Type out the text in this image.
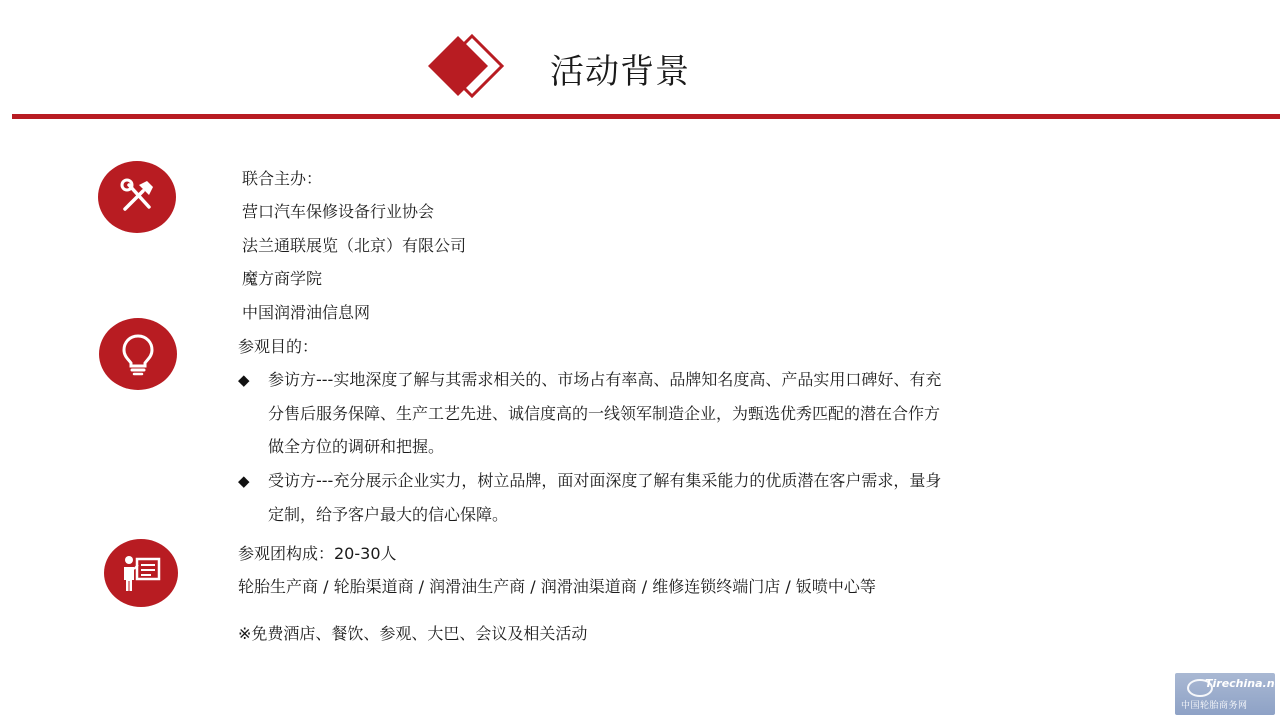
活动背景
联合主办：
营口汽车保修设备行业协会
法兰通联展览（北京）有限公司
魔方商学院
中国润滑油信息网
参观目的：
◆ 参访方---实地深度了解与其需求相关的、市场占有率高、品牌知名度高、产品实用口碑好、有充
分售后服务保障、生产工艺先进、诚信度高的一线领军制造企业，为甄选优秀匹配的潜在合作方
做全方位的调研和把握。
◆ 受访方---充分展示企业实力，树立品牌，面对面深度了解有集采能力的优质潜在客户需求，量身
定制，给予客户最大的信心保障。
参观团构成：20-30人
轮胎生产商 / 轮胎渠道商 / 润滑油生产商 / 润滑油渠道商 / 维修连锁终端门店 / 钣喷中心等
※免费酒店、餐饮、参观、大巴、会议及相关活动
Tirechina.net
中国轮胎商务网
